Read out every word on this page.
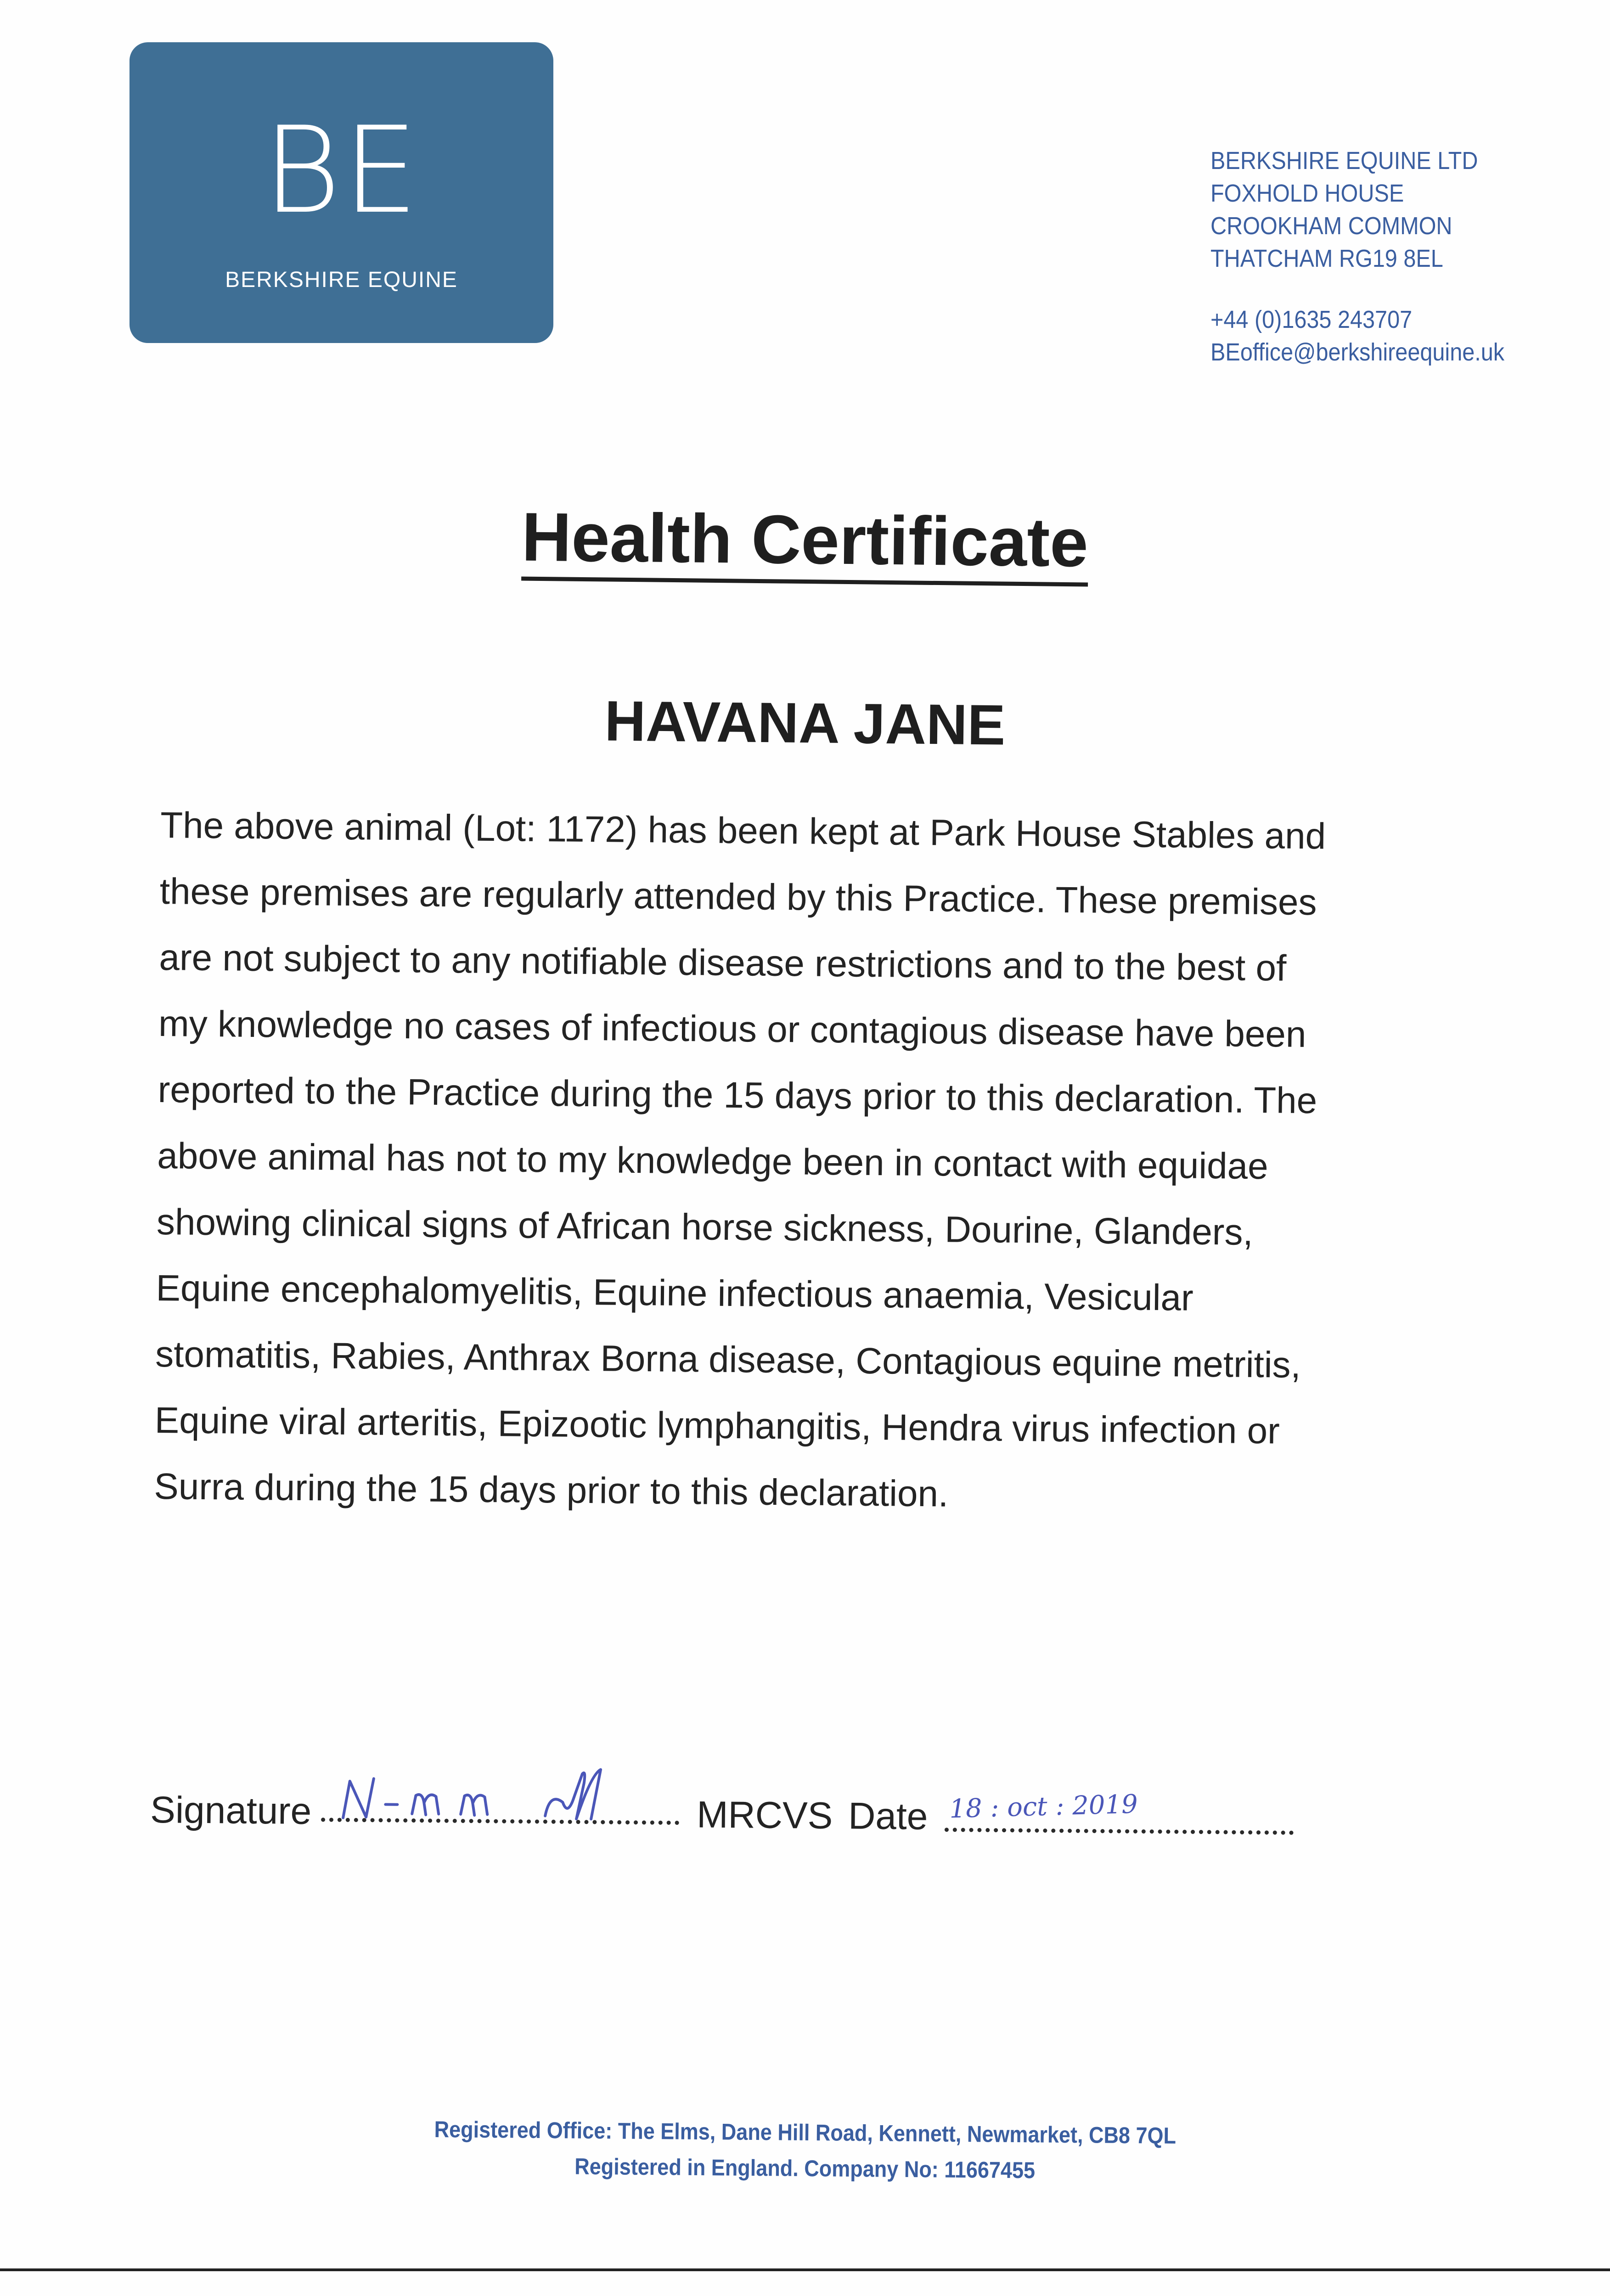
BE
BERKSHIRE EQUINE
BERKSHIRE EQUINE LTD
FOXHOLD HOUSE
CROOKHAM COMMON
THATCHAM RG19 8EL
+44 (0)1635 243707
BEoffice@berkshireequine.uk
Health Certificate
HAVANA JANE
The above animal (Lot: 1172) has been kept at Park House Stables and
these premises are regularly attended by this Practice. These premises
are not subject to any notifiable disease restrictions and to the best of
my knowledge no cases of infectious or contagious disease have been
reported to the Practice during the 15 days prior to this declaration. The
above animal has not to my knowledge been in contact with equidae
showing clinical signs of African horse sickness, Dourine, Glanders,
Equine encephalomyelitis, Equine infectious anaemia, Vesicular
stomatitis, Rabies, Anthrax Borna disease, Contagious equine metritis,
Equine viral arteritis, Epizootic lymphangitis, Hendra virus infection or
Surra during the 15 days prior to this declaration.
Signature	MRCVS Date 18 : oct : 2019
Registered Office: The Elms, Dane Hill Road, Kennett, Newmarket, CB8 7QL
Registered in England. Company No: 11667455
